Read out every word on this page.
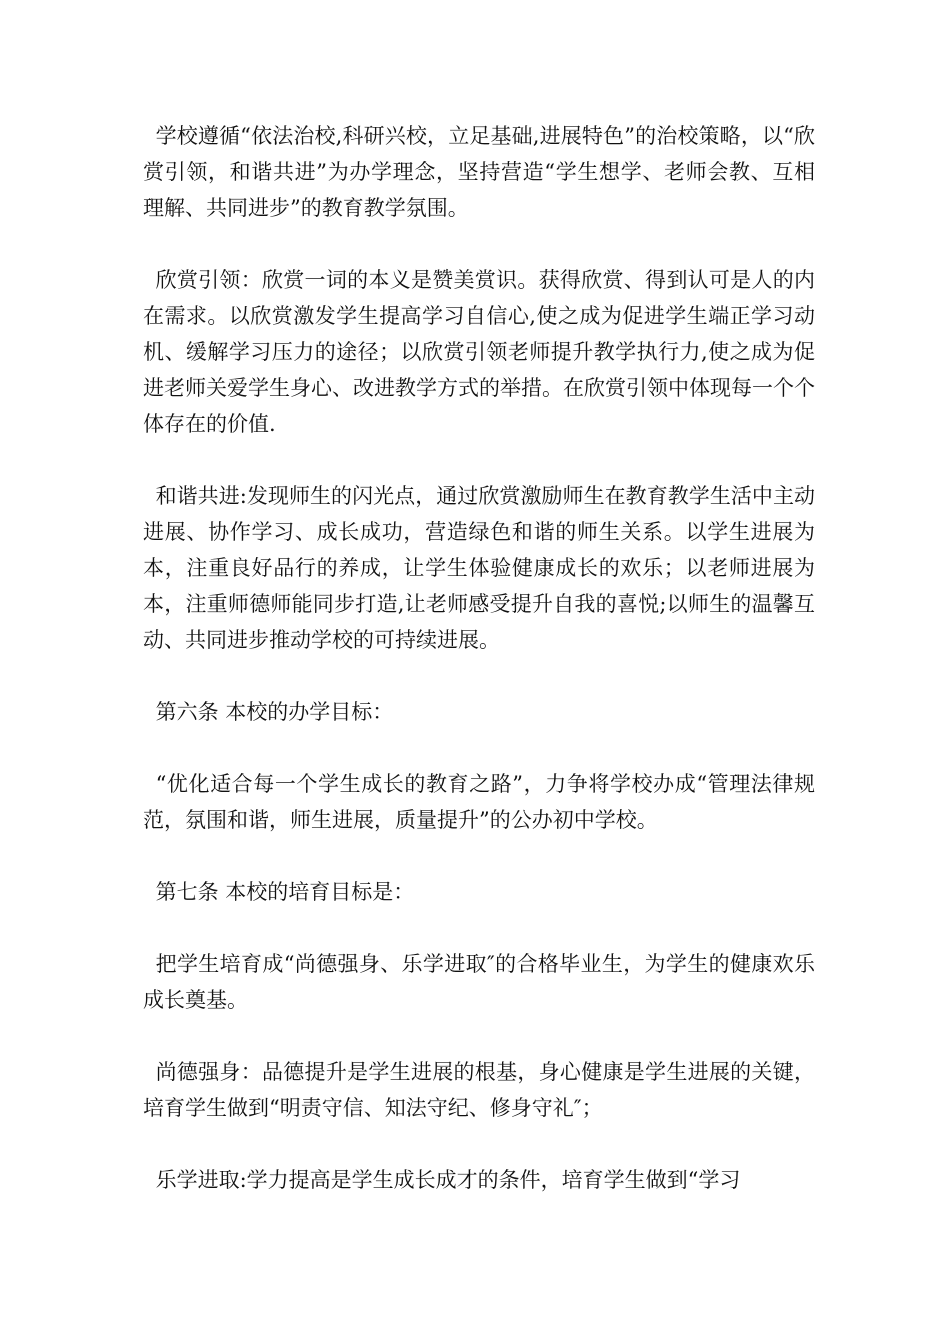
学校遵循“依法治校,科研兴校，立足基础,进展特色”的治校策略，以“欣赏引领，和谐共进”为办学理念，坚持营造“学生想学、老师会教、互相理解、共同进步”的教育教学氛围。

欣赏引领：欣赏一词的本义是赞美赏识。获得欣赏、得到认可是人的内在需求。以欣赏激发学生提高学习自信心,使之成为促进学生端正学习动机、缓解学习压力的途径；以欣赏引领老师提升教学执行力,使之成为促进老师关爱学生身心、改进教学方式的举措。在欣赏引领中体现每一个个体存在的价值.

和谐共进:发现师生的闪光点，通过欣赏激励师生在教育教学生活中主动进展、协作学习、成长成功，营造绿色和谐的师生关系。以学生进展为本，注重良好品行的养成，让学生体验健康成长的欢乐；以老师进展为本，注重师德师能同步打造,让老师感受提升自我的喜悦;以师生的温馨互动、共同进步推动学校的可持续进展。

第六条 本校的办学目标：

“优化适合每一个学生成长的教育之路”，力争将学校办成“管理法律规范，氛围和谐，师生进展，质量提升”的公办初中学校。

第七条 本校的培育目标是：

把学生培育成“尚德强身、乐学进取″的合格毕业生，为学生的健康欢乐成长奠基。

尚德强身：品德提升是学生进展的根基，身心健康是学生进展的关键，培育学生做到“明责守信、知法守纪、修身守礼″；

乐学进取:学力提高是学生成长成才的条件，培育学生做到“学习
